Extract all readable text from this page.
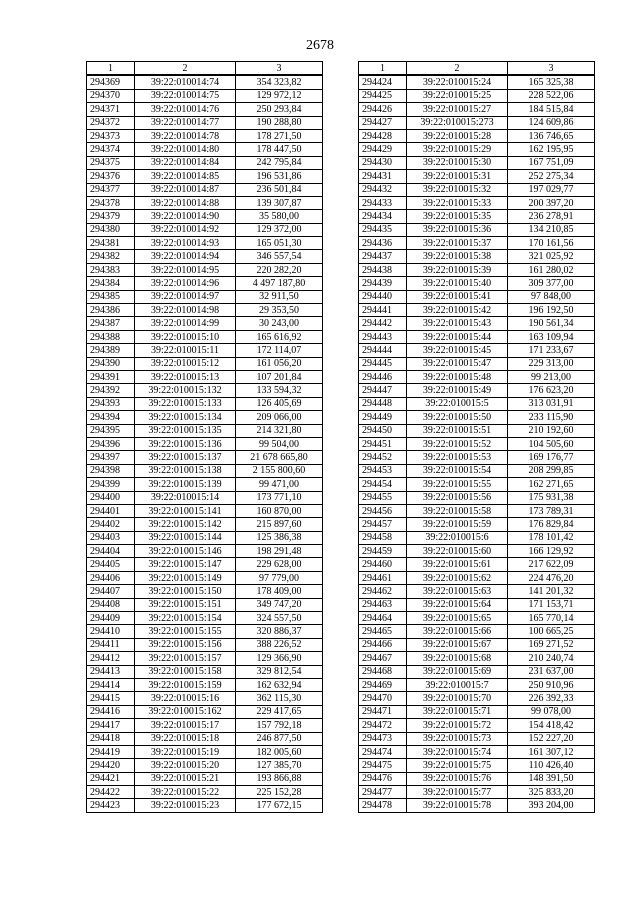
2678
1	2	3
294369	39:22:010014:74	354 323,82
294370	39:22:010014:75	129 972,12
294371	39:22:010014:76	250 293,84
294372	39:22:010014:77	190 288,80
294373	39:22:010014:78	178 271,50
294374	39:22:010014:80	178 447,50
294375	39:22:010014:84	242 795,84
294376	39:22:010014:85	196 531,86
294377	39:22:010014:87	236 501,84
294378	39:22:010014:88	139 307,87
294379	39:22:010014:90	35 580,00
294380	39:22:010014:92	129 372,00
294381	39:22:010014:93	165 051,30
294382	39:22:010014:94	346 557,54
294383	39:22:010014:95	220 282,20
294384	39:22:010014:96	4 497 187,80
294385	39:22:010014:97	32 911,50
294386	39:22:010014:98	29 353,50
294387	39:22:010014:99	30 243,00
294388	39:22:010015:10	165 616,92
294389	39:22:010015:11	172 114,07
294390	39:22:010015:12	161 056,20
294391	39:22:010015:13	107 201,84
294392	39:22:010015:132	133 594,32
294393	39:22:010015:133	126 405,69
294394	39:22:010015:134	209 066,00
294395	39:22:010015:135	214 321,80
294396	39:22:010015:136	99 504,00
294397	39:22:010015:137	21 678 665,80
294398	39:22:010015:138	2 155 800,60
294399	39:22:010015:139	99 471,00
294400	39:22:010015:14	173 771,10
294401	39:22:010015:141	160 870,00
294402	39:22:010015:142	215 897,60
294403	39:22:010015:144	125 386,38
294404	39:22:010015:146	198 291,48
294405	39:22:010015:147	229 628,00
294406	39:22:010015:149	97 779,00
294407	39:22:010015:150	178 409,00
294408	39:22:010015:151	349 747,20
294409	39:22:010015:154	324 557,50
294410	39:22:010015:155	320 886,37
294411	39:22:010015:156	388 226,52
294412	39:22:010015:157	129 366,90
294413	39:22:010015:158	329 812,54
294414	39:22:010015:159	162 632,94
294415	39:22:010015:16	362 115,30
294416	39:22:010015:162	229 417,65
294417	39:22:010015:17	157 792,18
294418	39:22:010015:18	246 877,50
294419	39:22:010015:19	182 005,60
294420	39:22:010015:20	127 385,70
294421	39:22:010015:21	193 866,88
294422	39:22:010015:22	225 152,28
294423	39:22:010015:23	177 672,15
1	2	3
294424	39:22:010015:24	165 325,38
294425	39:22:010015:25	228 522,06
294426	39:22:010015:27	184 515,84
294427	39:22:010015:273	124 609,86
294428	39:22:010015:28	136 746,65
294429	39:22:010015:29	162 195,95
294430	39:22:010015:30	167 751,09
294431	39:22:010015:31	252 275,34
294432	39:22:010015:32	197 029,77
294433	39:22:010015:33	200 397,20
294434	39:22:010015:35	236 278,91
294435	39:22:010015:36	134 210,85
294436	39:22:010015:37	170 161,56
294437	39:22:010015:38	321 025,92
294438	39:22:010015:39	161 280,02
294439	39:22:010015:40	309 377,00
294440	39:22:010015:41	97 848,00
294441	39:22:010015:42	196 192,50
294442	39:22:010015:43	190 561,34
294443	39:22:010015:44	163 109,94
294444	39:22:010015:45	171 233,67
294445	39:22:010015:47	229 313,00
294446	39:22:010015:48	99 213,00
294447	39:22:010015:49	176 623,20
294448	39:22:010015:5	313 031,91
294449	39:22:010015:50	233 115,90
294450	39:22:010015:51	210 192,60
294451	39:22:010015:52	104 505,60
294452	39:22:010015:53	169 176,77
294453	39:22:010015:54	208 299,85
294454	39:22:010015:55	162 271,65
294455	39:22:010015:56	175 931,38
294456	39:22:010015:58	173 789,31
294457	39:22:010015:59	176 829,84
294458	39:22:010015:6	178 101,42
294459	39:22:010015:60	166 129,92
294460	39:22:010015:61	217 622,09
294461	39:22:010015:62	224 476,20
294462	39:22:010015:63	141 201,32
294463	39:22:010015:64	171 153,71
294464	39:22:010015:65	165 770,14
294465	39:22:010015:66	100 665,25
294466	39:22:010015:67	169 271,52
294467	39:22:010015:68	210 240,74
294468	39:22:010015:69	231 637,00
294469	39:22:010015:7	250 910,96
294470	39:22:010015:70	226 392,33
294471	39:22:010015:71	99 078,00
294472	39:22:010015:72	154 418,42
294473	39:22:010015:73	152 227,20
294474	39:22:010015:74	161 307,12
294475	39:22:010015:75	110 426,40
294476	39:22:010015:76	148 391,50
294477	39:22:010015:77	325 833,20
294478	39:22:010015:78	393 204,00
